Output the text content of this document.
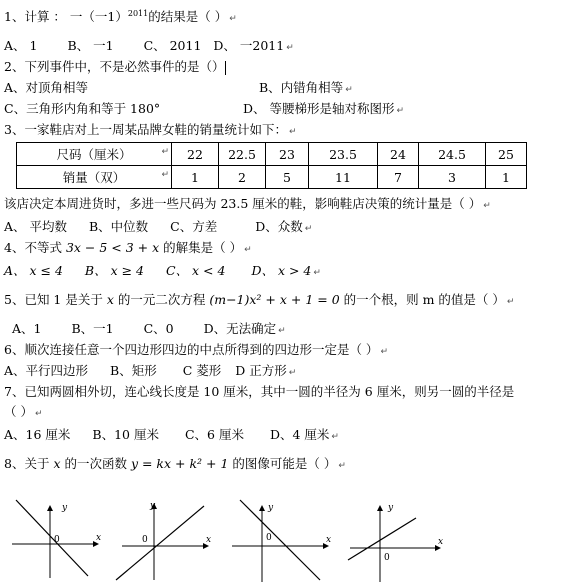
1、计算 ： 一（一1）$^{2011}$的结果是（ ） ↵
A、 1 B、 一1 C、 2011 D、 一2011 ↵
2、下列事件中，不是必然事件的是（）
A、对顶角相等	B、内错角相等 ↵
C、三角形内角和等于 180°	D、 等腰梯形是轴对称图形 ↵
3、一家鞋店对上一周某品牌女鞋的销量统计如下： ↵
尺码（厘米） ↵	22	22.5	23	23.5	24	24.5	25
销量（双） ↵	1	2	5	11	7	3	1
该店决定本周进货时，多进一些尺码为 23.5 厘米的鞋，影响鞋店决策的统计量是（ ） ↵
A、 平均数 B、中位数 C、方差	D、众数 ↵
4、不等式 3x − 5 < 3 + x 的解集是（ ） ↵
A、 x ≤ 4 B、 x ≥ 4 C、 x < 4 D、 x > 4 ↵
5、已知 1 是关于 x 的一元二次方程 (m−1)x² + x + 1 = 0 的一个根，则 m 的值是（ ） ↵
A、1 B、一1 C、0 D、无法确定 ↵
6、顺次连接任意一个四边形四边的中点所得到的四边形一定是（ ） ↵
A、平行四边形 B、矩形 C 菱形 D 正方形 ↵
7、已知两圆相外切，连心线长度是 10 厘米，其中一圆的半径为 6 厘米，则另一圆的半径是
（ ） ↵
A、16 厘米 B、10 厘米 C、6 厘米 D、4 厘米 ↵
8、关于 x 的一次函数 y = kx + k² + 1 的图像可能是（ ） ↵
y
x
0
y
x
0
y
x
0
y
x
0
